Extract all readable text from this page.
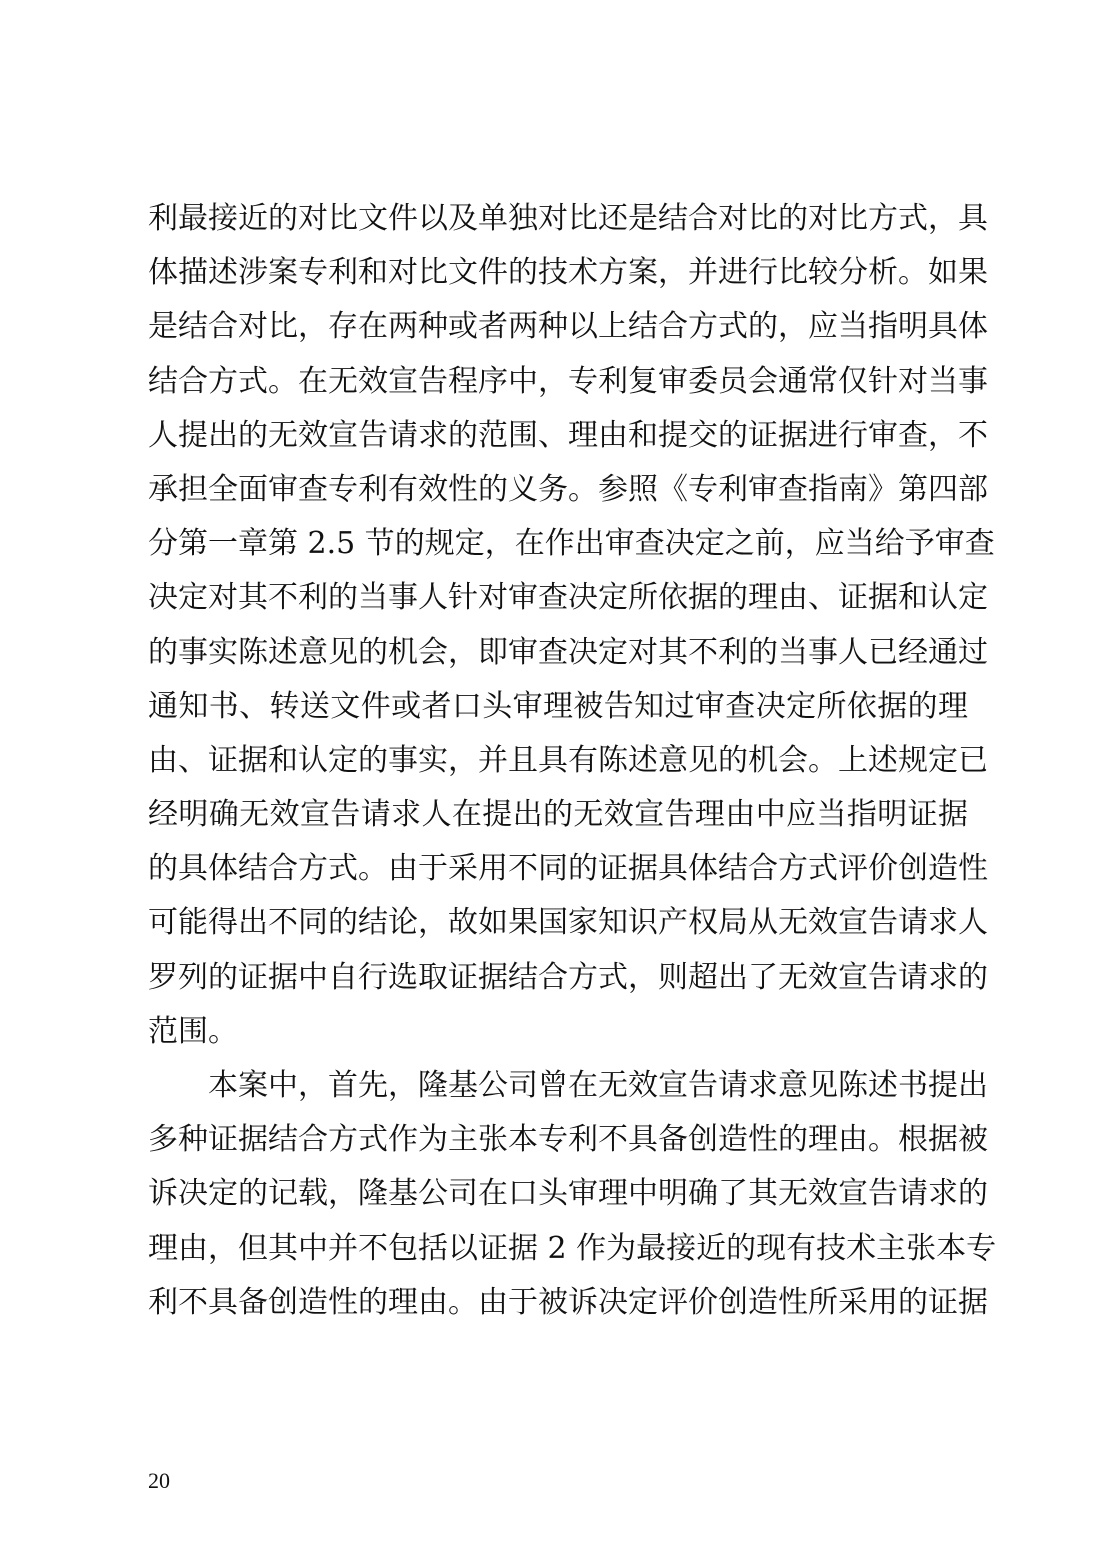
利最接近的对比文件以及单独对比还是结合对比的对比方式，具
体描述涉案专利和对比文件的技术方案，并进行比较分析。如果
是结合对比，存在两种或者两种以上结合方式的，应当指明具体
结合方式。在无效宣告程序中，专利复审委员会通常仅针对当事
人提出的无效宣告请求的范围、理由和提交的证据进行审查，不
承担全面审查专利有效性的义务。参照《专利审查指南》第四部
分第一章第 2.5 节的规定，在作出审查决定之前，应当给予审查
决定对其不利的当事人针对审查决定所依据的理由、证据和认定
的事实陈述意见的机会，即审查决定对其不利的当事人已经通过
通知书、转送文件或者口头审理被告知过审查决定所依据的理
由、证据和认定的事实，并且具有陈述意见的机会。上述规定已
经明确无效宣告请求人在提出的无效宣告理由中应当指明证据
的具体结合方式。由于采用不同的证据具体结合方式评价创造性
可能得出不同的结论，故如果国家知识产权局从无效宣告请求人
罗列的证据中自行选取证据结合方式，则超出了无效宣告请求的
范围。
本案中，首先，隆基公司曾在无效宣告请求意见陈述书提出
多种证据结合方式作为主张本专利不具备创造性的理由。根据被
诉决定的记载，隆基公司在口头审理中明确了其无效宣告请求的
理由，但其中并不包括以证据 2 作为最接近的现有技术主张本专
利不具备创造性的理由。由于被诉决定评价创造性所采用的证据
20
